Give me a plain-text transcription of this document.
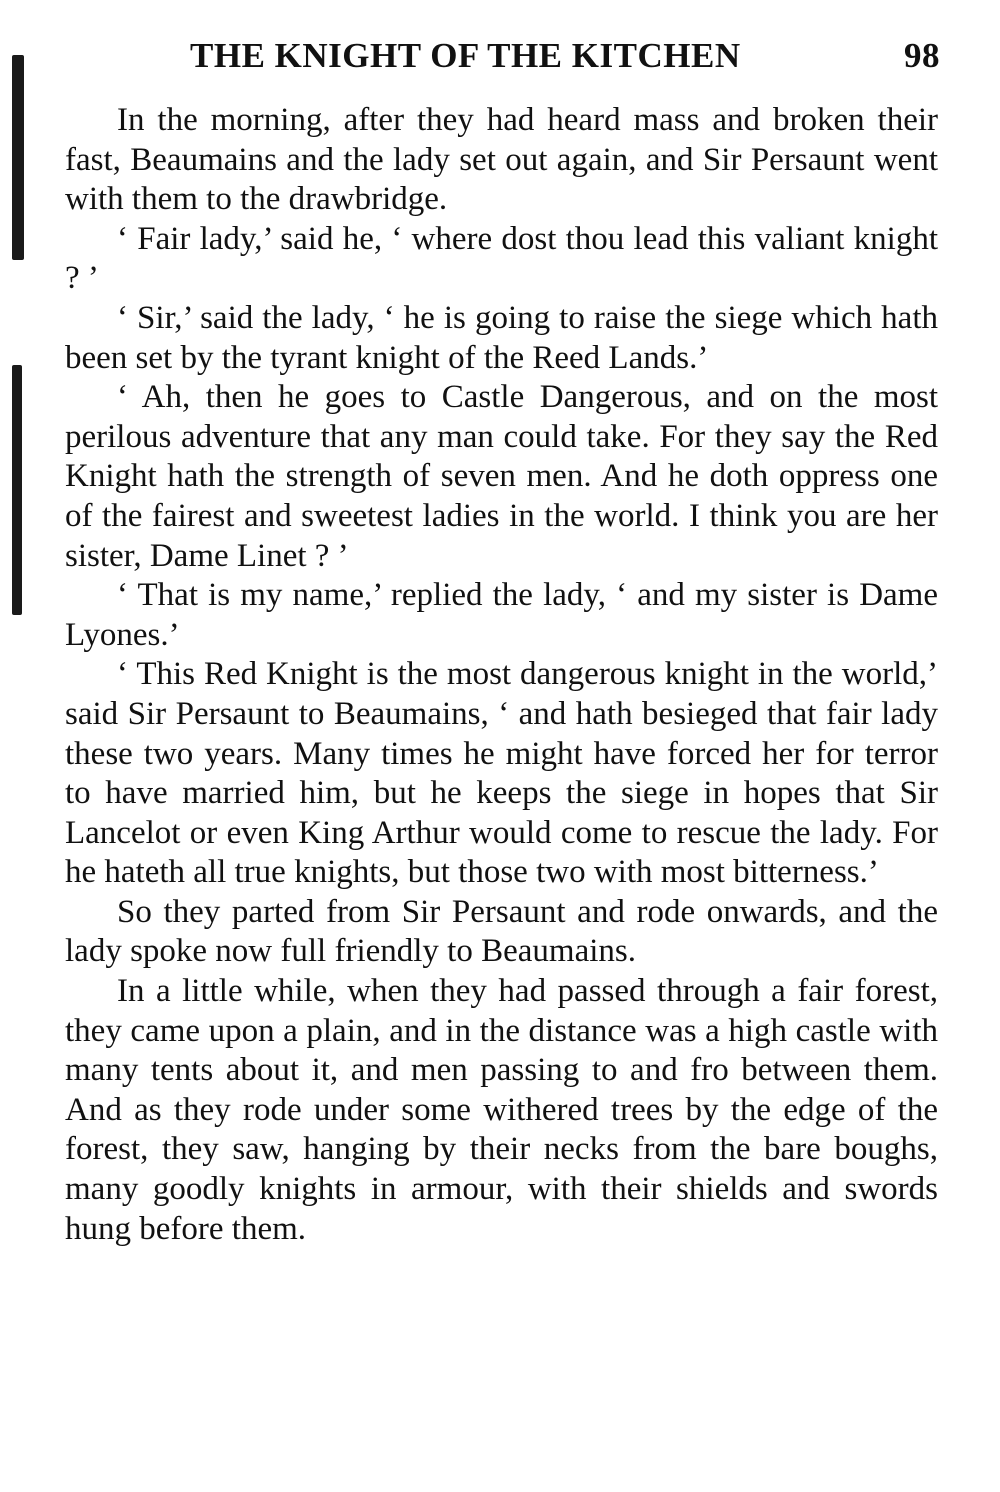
THE KNIGHT OF THE KITCHEN	98

In the morning, after they had heard mass and broken their fast, Beaumains and the lady set out again, and Sir Persaunt went with them to the drawbridge.

‘ Fair lady,’ said he, ‘ where dost thou lead this valiant knight ? ’

‘ Sir,’ said the lady, ‘ he is going to raise the siege which hath been set by the tyrant knight of the Reed Lands.’

‘ Ah, then he goes to Castle Dangerous, and on the most perilous adventure that any man could take. For they say the Red Knight hath the strength of seven men. And he doth oppress one of the fairest and sweetest ladies in the world. I think you are her sister, Dame Linet ? ’

‘ That is my name,’ replied the lady, ‘ and my sister is Dame Lyones.’

‘ This Red Knight is the most dangerous knight in the world,’ said Sir Persaunt to Beaumains, ‘ and hath besieged that fair lady these two years. Many times he might have forced her for terror to have married him, but he keeps the siege in hopes that Sir Lancelot or even King Arthur would come to rescue the lady. For he hateth all true knights, but those two with most bitterness.’

So they parted from Sir Persaunt and rode onwards, and the lady spoke now full friendly to Beaumains.

In a little while, when they had passed through a fair forest, they came upon a plain, and in the distance was a high castle with many tents about it, and men passing to and fro between them. And as they rode under some withered trees by the edge of the forest, they saw, hanging by their necks from the bare boughs, many goodly knights in armour, with their shields and swords hung before them.
